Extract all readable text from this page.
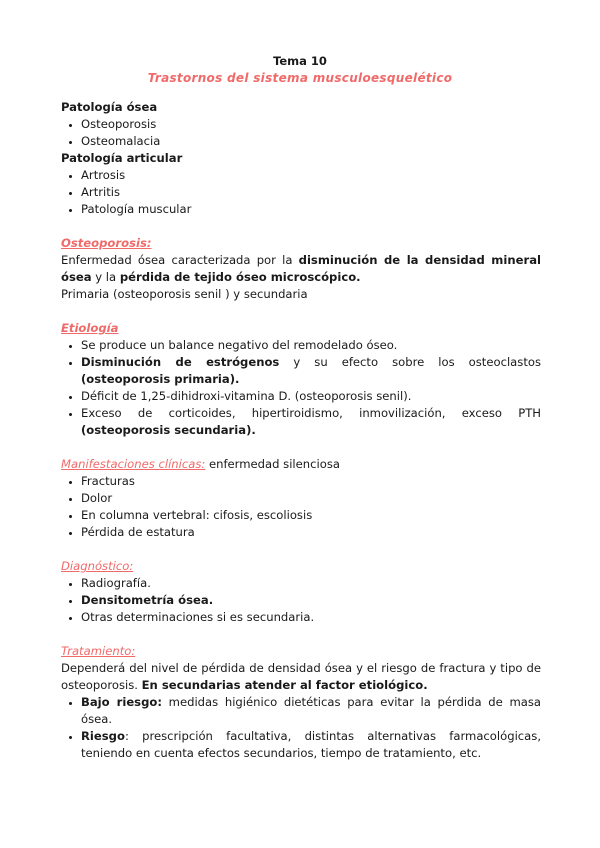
Tema 10
Trastornos del sistema musculoesquelético
Patología ósea
• Osteoporosis
• Osteomalacia
Patología articular
• Artrosis
• Artritis
• Patología muscular
Osteoporosis:

Enfermedad ósea caracterizada por la disminución de la densidad mineral ósea y la pérdida de tejido óseo microscópico.

Primaria (osteoporosis senil ) y secundaria

Etiología
• Se produce un balance negativo del remodelado óseo.
• Disminución de estrógenos y su efecto sobre los osteoclastos (osteoporosis primaria).
• Déficit de 1,25-dihidroxi-vitamina D. (osteoporosis senil).
• Exceso de corticoides, hipertiroidismo, inmovilización, exceso PTH (osteoporosis secundaria).
Manifestaciones clínicas: enfermedad silenciosa
• Fracturas
• Dolor
• En columna vertebral: cifosis, escoliosis
• Pérdida de estatura
Diagnóstico:
• Radiografía.
• Densitometría ósea.
• Otras determinaciones si es secundaria.
Tratamiento:

Dependerá del nivel de pérdida de densidad ósea y el riesgo de fractura y tipo de osteoporosis. En secundarias atender al factor etiológico.

• Bajo riesgo: medidas higiénico dietéticas para evitar la pérdida de masa ósea.
• Riesgo: prescripción facultativa, distintas alternativas farmacológicas, teniendo en cuenta efectos secundarios, tiempo de tratamiento, etc.
